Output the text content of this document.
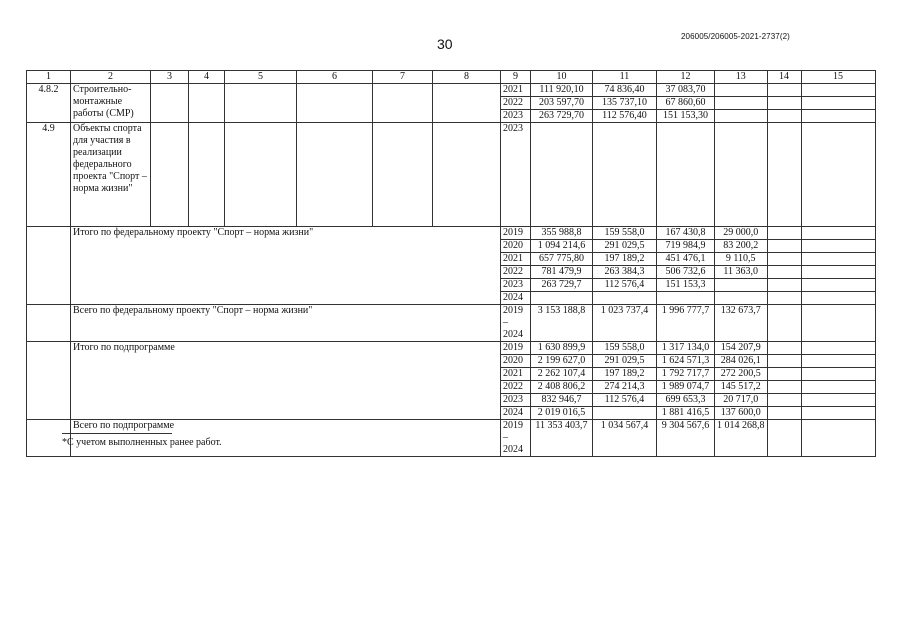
30	206005/206005-2021-2737(2)
1	2	3	4	5	6	7	8	9	10	11	12	13	14	15
4.8.2	Строительно-монтажные работы (СМР)							2021	111 920,10	74 836,40	37 083,70			
								2022	203 597,70	135 737,10	67 860,60			
								2023	263 729,70	112 576,40	151 153,30			
4.9	Объекты спорта для участия в реализации федерального проекта "Спорт – норма жизни"							2023						
	Итого по федеральному проекту "Спорт – норма жизни"							2019	355 988,8	159 558,0	167 430,8	29 000,0		
								2020	1 094 214,6	291 029,5	719 984,9	83 200,2		
								2021	657 775,80	197 189,2	451 476,1	9 110,5		
								2022	781 479,9	263 384,3	506 732,6	11 363,0		
								2023	263 729,7	112 576,4	151 153,3			
								2024						
	Всего по федеральному проекту "Спорт – норма жизни"							2019 – 2024	3 153 188,8	1 023 737,4	1 996 777,7	132 673,7		
	Итого по подпрограмме							2019	1 630 899,9	159 558,0	1 317 134,0	154 207,9		
								2020	2 199 627,0	291 029,5	1 624 571,3	284 026,1		
								2021	2 262 107,4	197 189,2	1 792 717,7	272 200,5		
								2022	2 408 806,2	274 214,3	1 989 074,7	145 517,2		
								2023	832 946,7	112 576,4	699 653,3	20 717,0		
								2024	2 019 016,5		1 881 416,5	137 600,0		
	Всего по подпрограмме							2019 – 2024	11 353 403,7	1 034 567,4	9 304 567,6	1 014 268,8		
*С учетом выполненных ранее работ.
